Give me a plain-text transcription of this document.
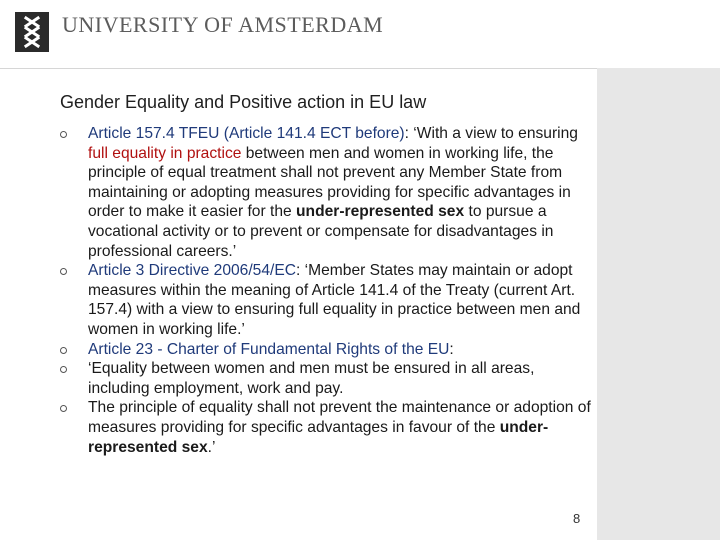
UNIVERSITY OF AMSTERDAM
Gender Equality and Positive action in EU law
Article 157.4 TFEU (Article 141.4 ECT before): ‘With a view to ensuring full equality in practice between men and women in working life, the principle of equal treatment shall not prevent any Member State from maintaining or adopting measures providing for specific advantages in order to make it easier for the under-represented sex to pursue a vocational activity or to prevent or compensate for disadvantages in professional careers.’
Article 3 Directive 2006/54/EC: ‘Member States may maintain or adopt measures within the meaning of Article 141.4 of the Treaty (current Art. 157.4) with a view to ensuring full equality in practice between men and women in working life.’
Article 23 - Charter of Fundamental Rights of the EU:
‘Equality between women and men must be ensured in all areas, including employment, work and pay.
The principle of equality shall not prevent the maintenance or adoption of measures providing for specific advantages in favour of the under-represented sex.’
8
